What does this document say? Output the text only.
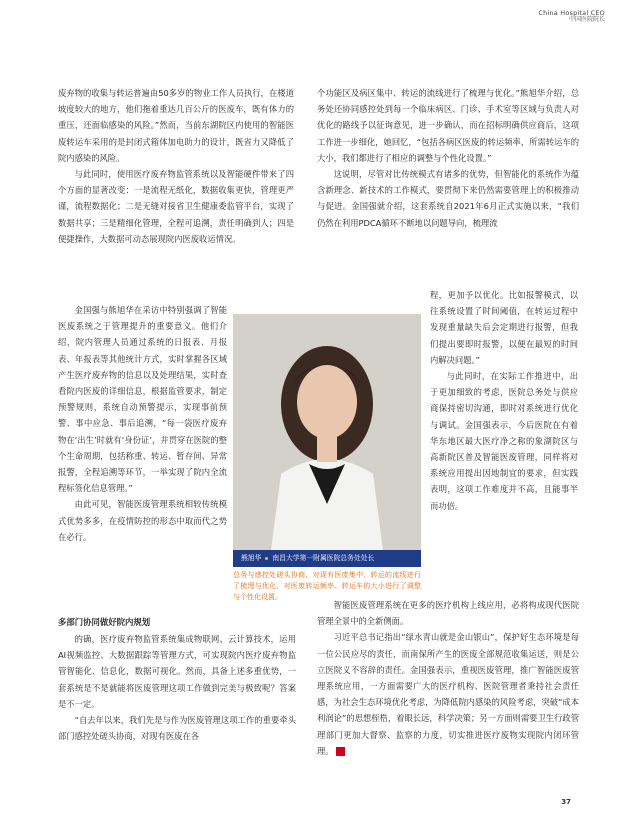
China Hospital CEO
中国医院院长

废弃物的收集与转运普遍由50多岁的物业工作人员执行，在楼道坡度较大的地方，他们拖着重达几百公斤的医废车，既有体力的重压，还面临感染的风险。”然而，当前东湖院区内使用的智能医废转运车采用的是封闭式箱体加电助力的设计，既省力又降低了院内感染的风险。

与此同时，使用医疗废弃物监管系统以及智能硬件带来了四个方面的显著改变：一是流程无纸化，数据收集更快，管理更严谨，流程数据化；二是无缝对接省卫生健康委监管平台，实现了数据共享；三是精细化管理，全程可追溯，责任明确到人；四是便捷操作，大数据可动态展现院内医废收运情况。

金国强与熊旭华在采访中特别强调了智能医废系统之于管理提升的重要意义。他们介绍，院内管理人员通过系统的日报表、月报表、年报表等其他统计方式，实时掌握各区域产生医疗废弃物的信息以及处理结果，实时查看院内医废的详细信息，根据监管要求，制定预警规则，系统自动预警提示，实现事前预警、事中应急、事后追溯，“每一袋医疗废弃物在‘出生’时就有‘身份证’，并贯穿在医院的整个生命周期，包括称重、转运、暂存间、异常报警，全程追溯等环节，一举实现了院内全流程标签化信息管理。”

由此可见，智能医废管理系统相较传统模式优势多多，在疫情防控的形态中取而代之势在必行。

熊旭华 南昌大学第一附属医院总务处处长
总务与感控处磋头协商，对现有医废集中、转运的流线进行了梳理与优化，对医废转运频率、转运车的大小进行了调整与个性化设置。
多部门协同做好院内规划

的确，医疗废弃物监管系统集成物联网、云计算技术，运用AI视频监控、大数据跟踪等管理方式，可实现院内医疗废弃物监管智能化、信息化，数据可视化。然而，具备上述多重优势，一套系统是不是就能将医废管理这项工作做到完美与极致呢？答案是不一定。

“自去年以来，我们先是与作为医废管理这项工作的重要牵头部门感控处磋头协商，对现有医废在各

个功能区及病区集中、转运的流线进行了梳理与优化。”熊旭华介绍，总务处还协同感控处到每一个临床病区、门诊、手术室等区域与负责人对优化的路线予以征询意见，进一步确认，而在招标明确供应商后，这项工作进一步细化，她回忆，“包括各病区医废的转运频率，所需转运车的大小，我们都进行了相应的调整与个性化设置。”

这说明，尽管对比传统模式有诸多的优势，但智能化的系统作为蕴含新理念、新技术的工作模式，要贯彻下来仍然需要管理上的积极推动与促进。金国强就介绍，这套系统自2021年6月正式实施以来，“我们仍然在利用PDCA循环不断地以问题导向，梳理流

程，更加予以优化。比如报警模式，以往系统设置了时间阈值，在转运过程中发现重量缺失后会定期进行报警，但我们提出要即时报警，以便在最短的时间内解决问题。”

与此同时，在实际工作推进中，出于更加细致的考虑，医院总务处与供应商保持密切沟通，即时对系统进行优化与调试。金国强表示，今后医院在有着华东地区最大医疗净之称的象湖院区与高新院区普及智能医废管理，同样将对系统应用提出因地制宜的要求，但实践表明，这项工作难度并不高，且能事半而功倍。

智能医废管理系统在更多的医疗机构上线应用，必将构成现代医院管理全景中的全新侧面。

习近平总书记指出“绿水青山就是金山银山”，保护好生态环境是每一位公民应尽的责任，而南保所产生的医废全部规范收集运送，则是公立医院义不容辞的责任。金国强表示，重视医废管理，推广智能医废管理系统应用，一方面需要广大的医疗机构、医院管理者秉持社会责任感，为社会生态环境优化考虑，为降低院内感染的风险考虑，突破“成本利润论”的思想桎梏，着眼长远，科学决策；另一方面则需要卫生行政管理部门更加大督察、监察的力度，切实推进医疗废物实现院内闭环管理。	E

37
